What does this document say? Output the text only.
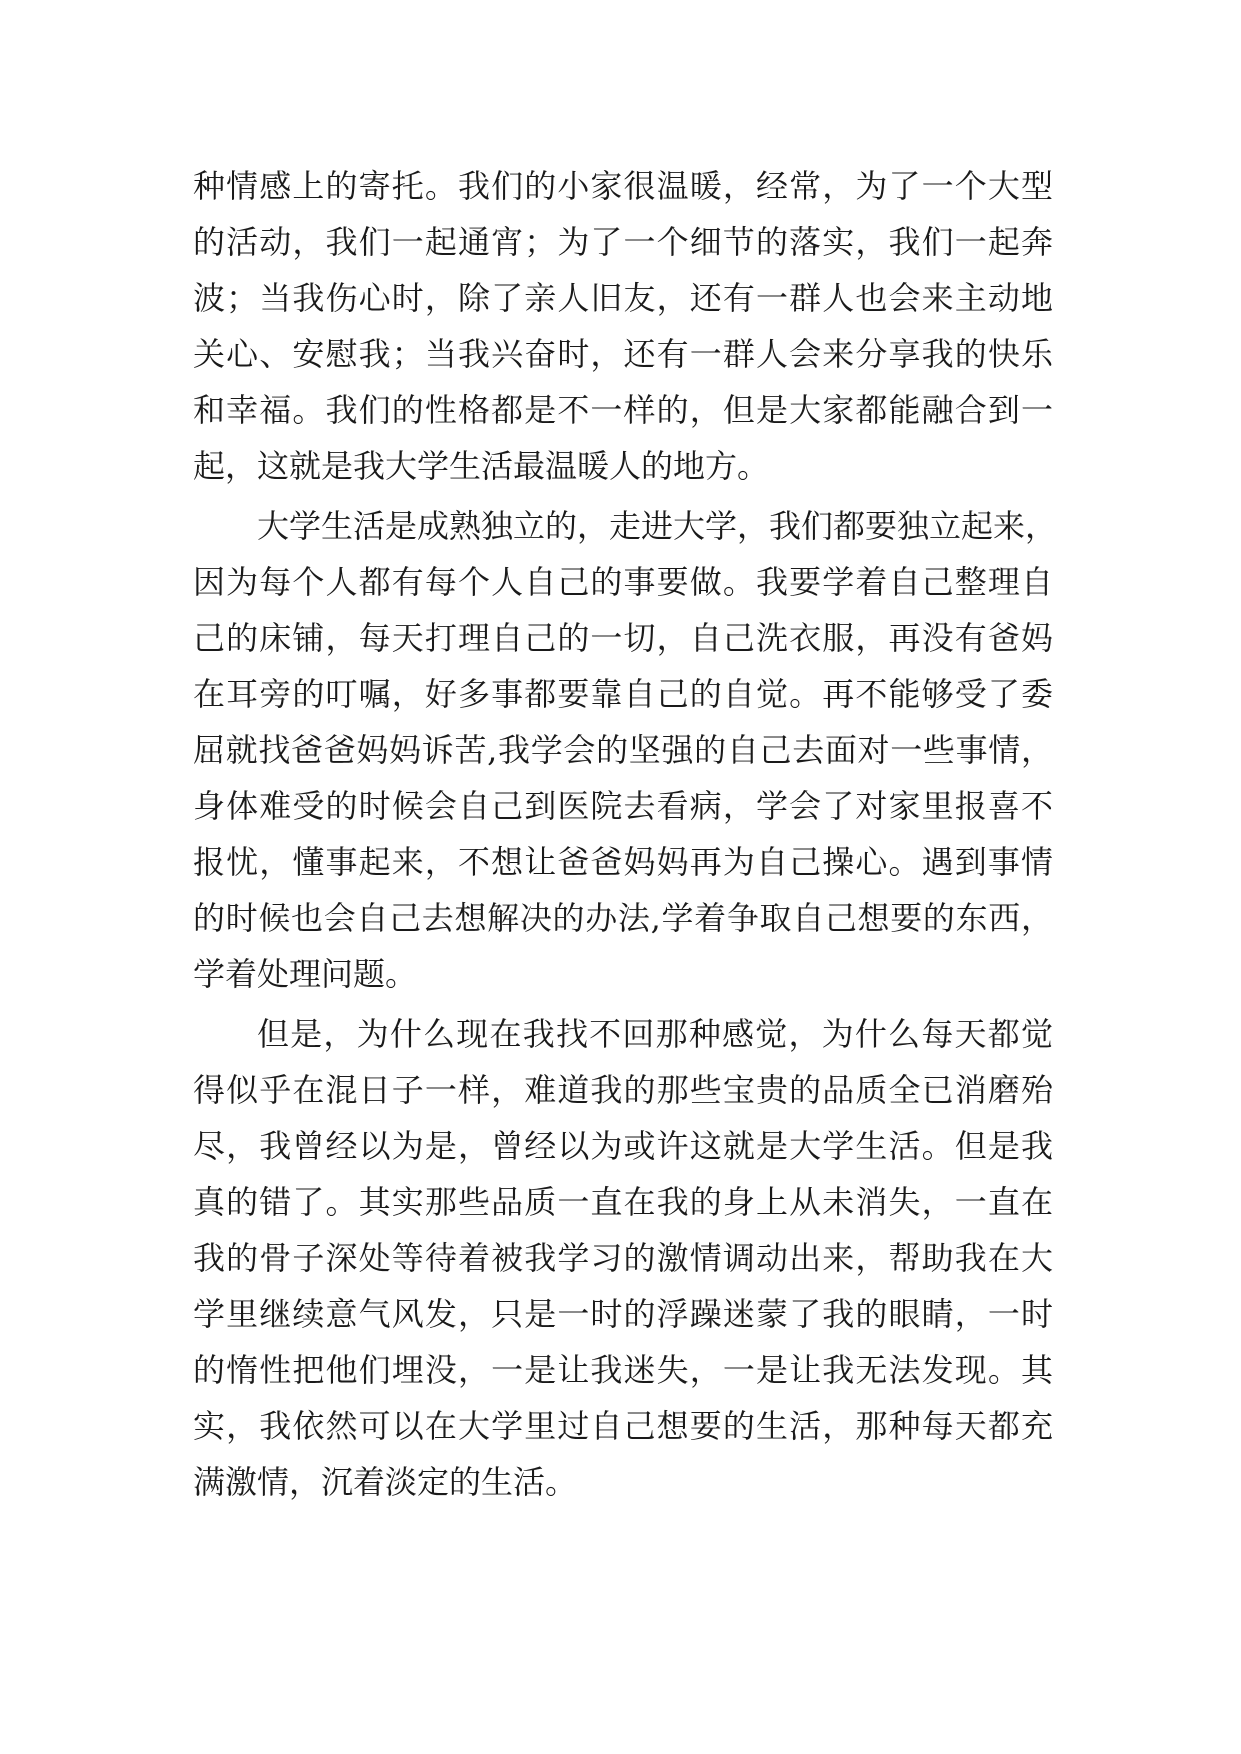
种情感上的寄托。我们的小家很温暖，经常，为了一个大型
的活动，我们一起通宵；为了一个细节的落实，我们一起奔
波；当我伤心时，除了亲人旧友，还有一群人也会来主动地
关心、安慰我；当我兴奋时，还有一群人会来分享我的快乐
和幸福。我们的性格都是不一样的，但是大家都能融合到一
起，这就是我大学生活最温暖人的地方。
大学生活是成熟独立的，走进大学，我们都要独立起来，
因为每个人都有每个人自己的事要做。我要学着自己整理自
己的床铺，每天打理自己的一切，自己洗衣服，再没有爸妈
在耳旁的叮嘱，好多事都要靠自己的自觉。再不能够受了委
屈就找爸爸妈妈诉苦,我学会的坚强的自己去面对一些事情，
身体难受的时候会自己到医院去看病，学会了对家里报喜不
报忧，懂事起来，不想让爸爸妈妈再为自己操心。遇到事情
的时候也会自己去想解决的办法,学着争取自己想要的东西，
学着处理问题。
但是，为什么现在我找不回那种感觉，为什么每天都觉
得似乎在混日子一样，难道我的那些宝贵的品质全已消磨殆
尽，我曾经以为是，曾经以为或许这就是大学生活。但是我
真的错了。其实那些品质一直在我的身上从未消失，一直在
我的骨子深处等待着被我学习的激情调动出来，帮助我在大
学里继续意气风发，只是一时的浮躁迷蒙了我的眼睛，一时
的惰性把他们埋没，一是让我迷失，一是让我无法发现。其
实，我依然可以在大学里过自己想要的生活，那种每天都充
满激情，沉着淡定的生活。
